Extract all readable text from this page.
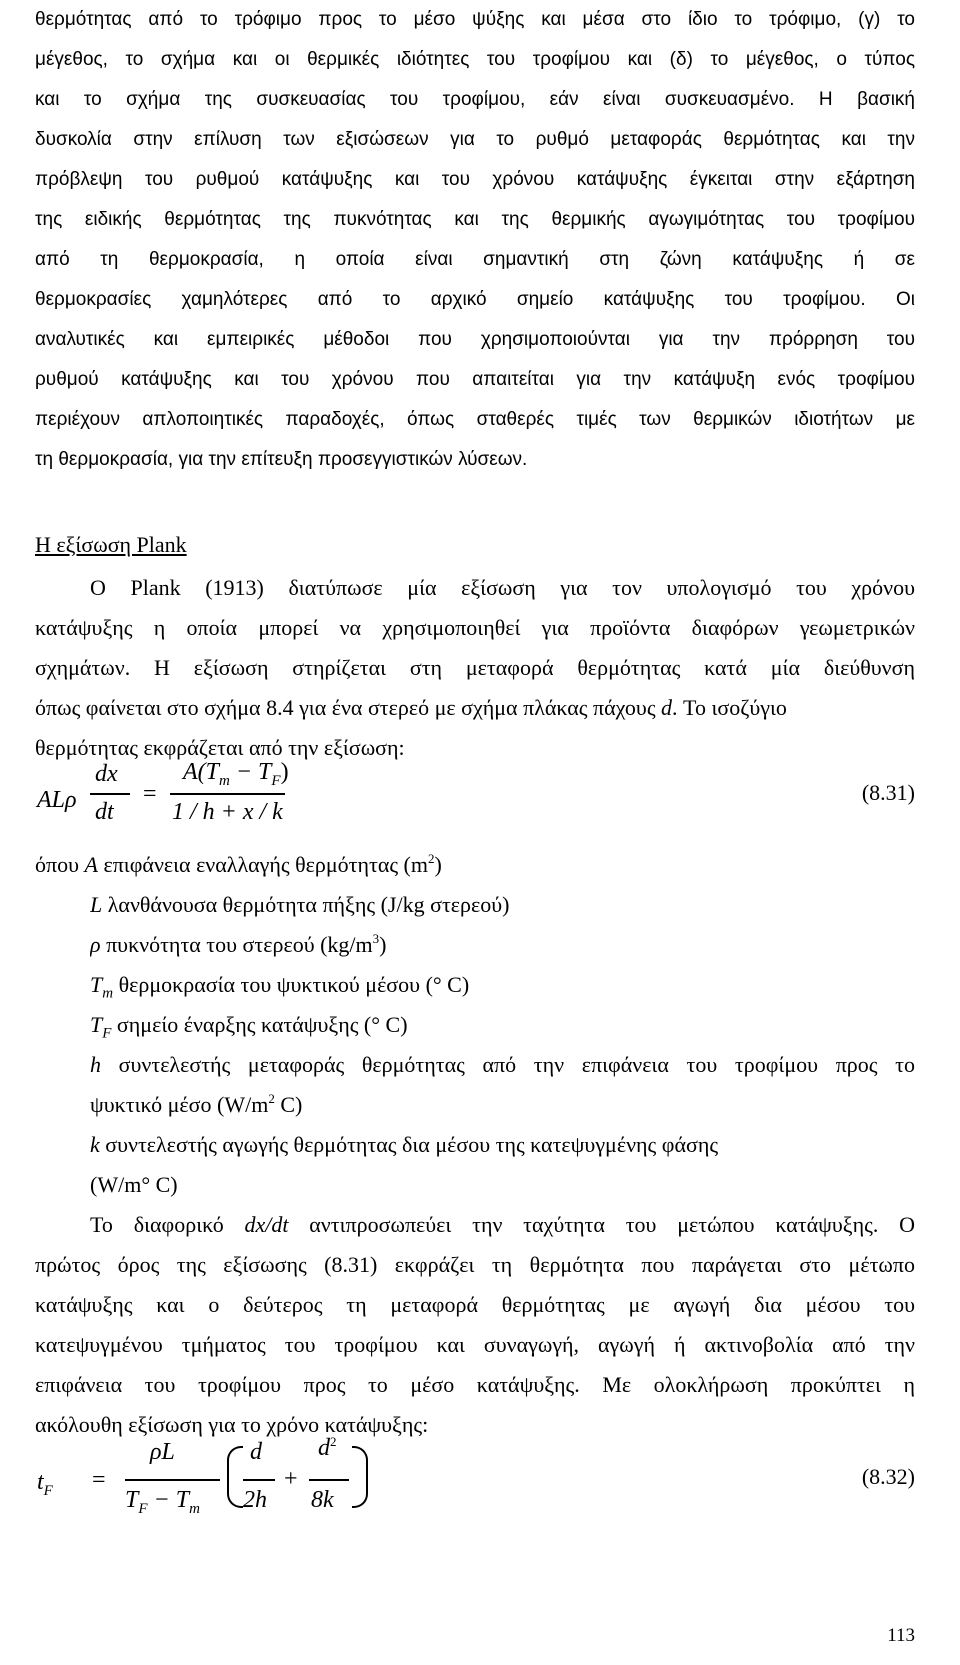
θερμότητας από το τρόφιμο προς το μέσο ψύξης και μέσα στο ίδιο το τρόφιμο, (γ) το
μέγεθος, το σχήμα και οι θερμικές ιδιότητες του τροφίμου και (δ) το μέγεθος, ο τύπος
και το σχήμα της συσκευασίας του τροφίμου, εάν είναι συσκευασμένο. Η βασική
δυσκολία στην επίλυση των εξισώσεων για το ρυθμό μεταφοράς θερμότητας και την
πρόβλεψη του ρυθμού κατάψυξης και του χρόνου κατάψυξης έγκειται στην εξάρτηση
της ειδικής θερμότητας της πυκνότητας και της θερμικής αγωγιμότητας του τροφίμου
από τη θερμοκρασία, η οποία είναι σημαντική στη ζώνη κατάψυξης ή σε
θερμοκρασίες χαμηλότερες από το αρχικό σημείο κατάψυξης του τροφίμου. Οι
αναλυτικές και εμπειρικές μέθοδοι που χρησιμοποιούνται για την πρόρρηση του
ρυθμού κατάψυξης και του χρόνου που απαιτείται για την κατάψυξη ενός τροφίμου
περιέχουν απλοποιητικές παραδοχές, όπως σταθερές τιμές των θερμικών ιδιοτήτων με
τη θερμοκρασία, για την επίτευξη προσεγγιστικών λύσεων.
Η εξίσωση Plank
Ο Plank (1913) διατύπωσε μία εξίσωση για τον υπολογισμό του χρόνου
κατάψυξης η οποία μπορεί να χρησιμοποιηθεί για προϊόντα διαφόρων γεωμετρικών
σχημάτων. Η εξίσωση στηρίζεται στη μεταφορά θερμότητας κατά μία διεύθυνση
όπως φαίνεται στο σχήμα 8.4 για ένα στερεό με σχήμα πλάκας πάχους d. Το ισοζύγιο
θερμότητας εκφράζεται από την εξίσωση:
ALρ
dx
dt
=
$A(T_m - T_F)$
1 / h + x / k
(8.31)
όπου A επιφάνεια εναλλαγής θερμότητας $(m^2)$
L λανθάνουσα θερμότητα πήξης (J/kg στερεού)
ρ πυκνότητα του στερεού $(kg/m^3)$
$T_m$ θερμοκρασία του ψυκτικού μέσου (° C)
$T_F$ σημείο έναρξης κατάψυξης (° C)
h συντελεστής μεταφοράς θερμότητας από την επιφάνεια του τροφίμου προς το
ψυκτικό μέσο ($W/m^2$ C)
k συντελεστής αγωγής θερμότητας δια μέσου της κατεψυγμένης φάσης
(W/m° C)
Το διαφορικό dx/dt αντιπροσωπεύει την ταχύτητα του μετώπου κατάψυξης. Ο
πρώτος όρος της εξίσωσης (8.31) εκφράζει τη θερμότητα που παράγεται στο μέτωπο
κατάψυξης και ο δεύτερος τη μεταφορά θερμότητας με αγωγή δια μέσου του
κατεψυγμένου τμήματος του τροφίμου και συναγωγή, αγωγή ή ακτινοβολία από την
επιφάνεια του τροφίμου προς το μέσο κατάψυξης. Με ολοκλήρωση προκύπτει η
ακόλουθη εξίσωση για το χρόνο κατάψυξης:
$t_F$ =
ρL
$T_F - T_m$
d
2h
+
$d^2$
8k
(8.32)
113
